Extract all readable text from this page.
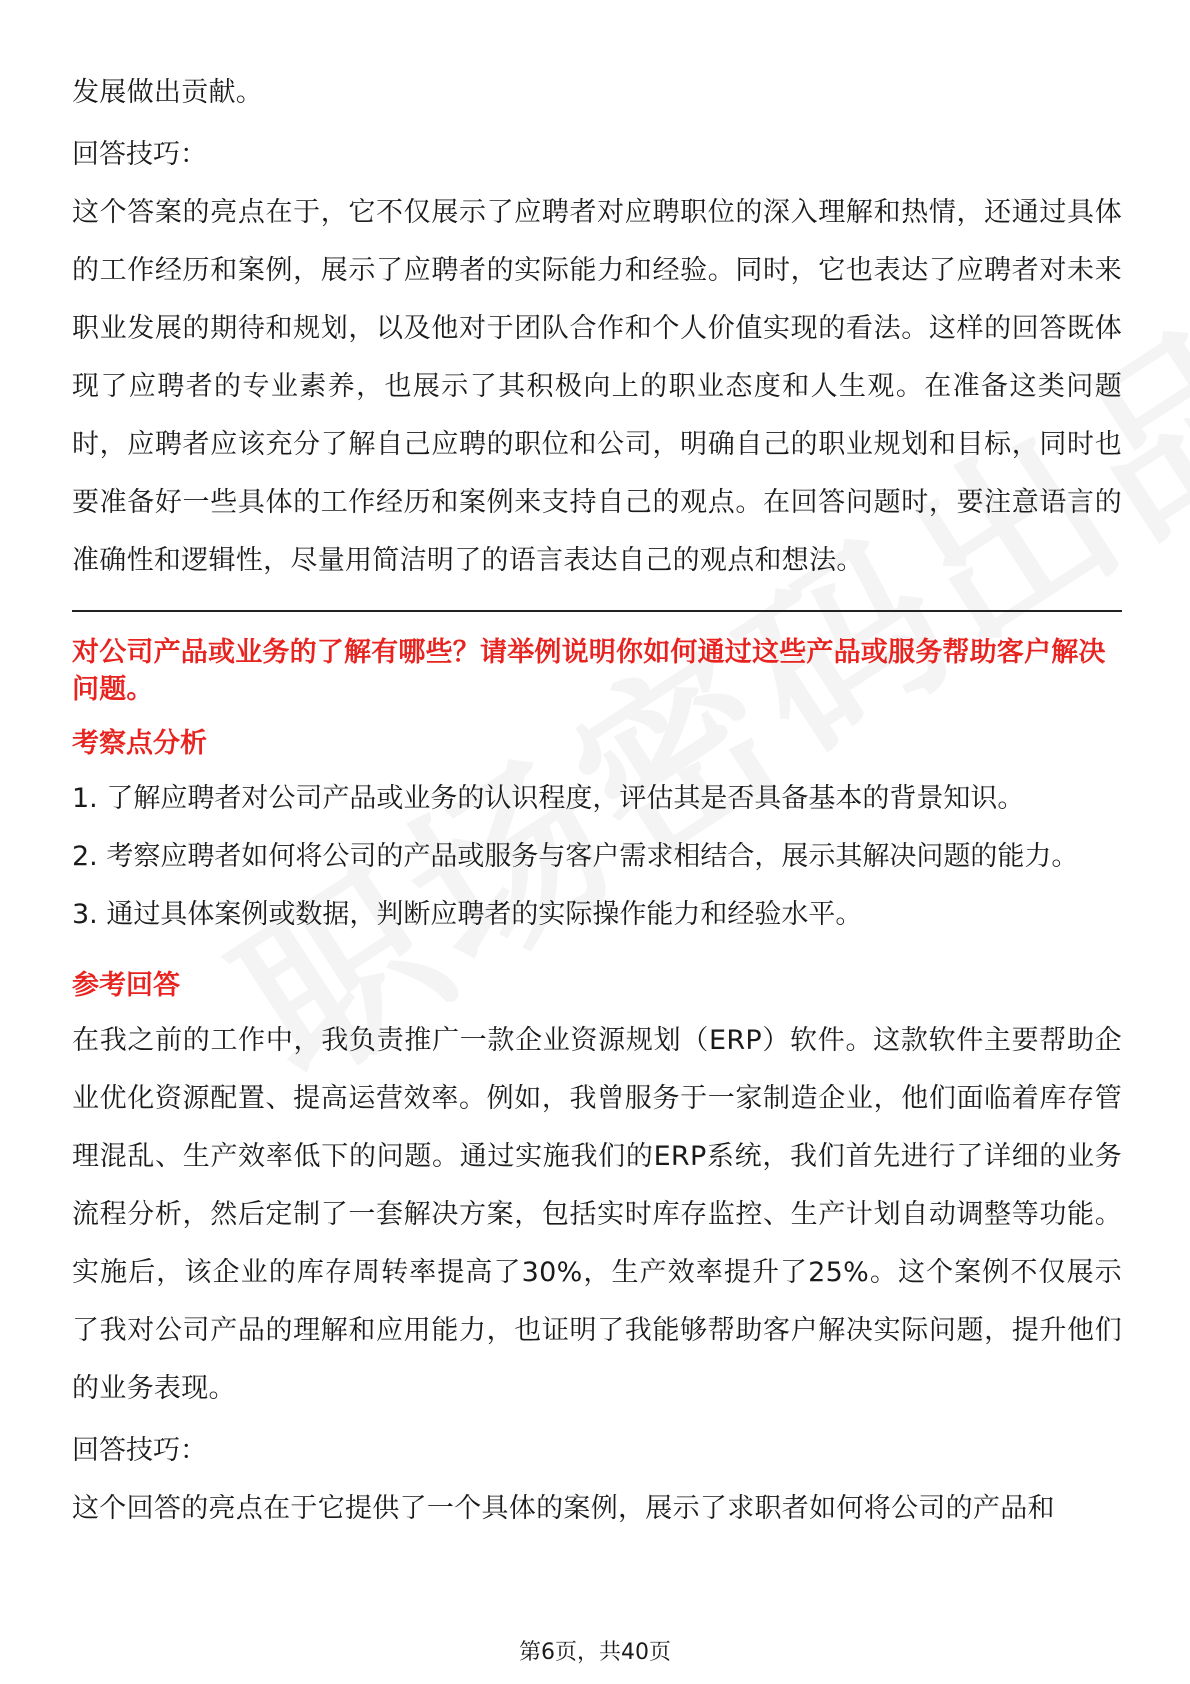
发展做出贡献。

回答技巧：

这个答案的亮点在于，它不仅展示了应聘者对应聘职位的深入理解和热情，还通过具体的工作经历和案例，展示了应聘者的实际能力和经验。同时，它也表达了应聘者对未来职业发展的期待和规划，以及他对于团队合作和个人价值实现的看法。这样的回答既体现了应聘者的专业素养，也展示了其积极向上的职业态度和人生观。在准备这类问题时，应聘者应该充分了解自己应聘的职位和公司，明确自己的职业规划和目标，同时也要准备好一些具体的工作经历和案例来支持自己的观点。在回答问题时，要注意语言的准确性和逻辑性，尽量用简洁明了的语言表达自己的观点和想法。

对公司产品或业务的了解有哪些？请举例说明你如何通过这些产品或服务帮助客户解决问题。

考察点分析

1. 了解应聘者对公司产品或业务的认识程度，评估其是否具备基本的背景知识。

2. 考察应聘者如何将公司的产品或服务与客户需求相结合，展示其解决问题的能力。

3. 通过具体案例或数据，判断应聘者的实际操作能力和经验水平。

参考回答

在我之前的工作中，我负责推广一款企业资源规划（ERP）软件。这款软件主要帮助企业优化资源配置、提高运营效率。例如，我曾服务于一家制造企业，他们面临着库存管理混乱、生产效率低下的问题。通过实施我们的ERP系统，我们首先进行了详细的业务流程分析，然后定制了一套解决方案，包括实时库存监控、生产计划自动调整等功能。实施后，该企业的库存周转率提高了30%，生产效率提升了25%。这个案例不仅展示了我对公司产品的理解和应用能力，也证明了我能够帮助客户解决实际问题，提升他们的业务表现。

回答技巧：

这个回答的亮点在于它提供了一个具体的案例，展示了求职者如何将公司的产品和

第6页，共40页
